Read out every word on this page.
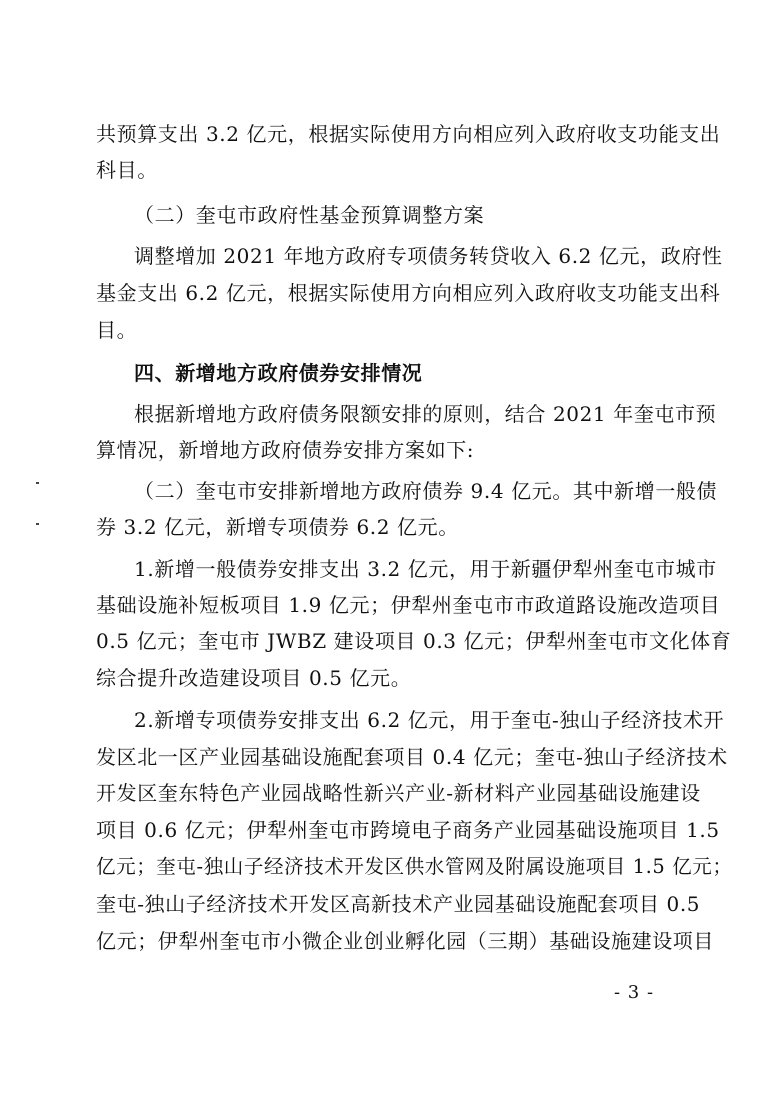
共预算支出 3.2 亿元，根据实际使用方向相应列入政府收支功能支出
科目。
（二）奎屯市政府性基金预算调整方案
调整增加 2021 年地方政府专项债务转贷收入 6.2 亿元，政府性
基金支出 6.2 亿元，根据实际使用方向相应列入政府收支功能支出科
目。
四、新增地方政府债券安排情况
根据新增地方政府债务限额安排的原则，结合 2021 年奎屯市预
算情况，新增地方政府债券安排方案如下:
（二）奎屯市安排新增地方政府债券 9.4 亿元。其中新增一般债
券 3.2 亿元，新增专项债券 6.2 亿元。
1.新增一般债券安排支出 3.2 亿元，用于新疆伊犁州奎屯市城市
基础设施补短板项目 1.9 亿元；伊犁州奎屯市市政道路设施改造项目
0.5 亿元；奎屯市 JWBZ 建设项目 0.3 亿元；伊犁州奎屯市文化体育
综合提升改造建设项目 0.5 亿元。
2.新增专项债券安排支出 6.2 亿元，用于奎屯-独山子经济技术开
发区北一区产业园基础设施配套项目 0.4 亿元；奎屯-独山子经济技术
开发区奎东特色产业园战略性新兴产业-新材料产业园基础设施建设
项目 0.6 亿元；伊犁州奎屯市跨境电子商务产业园基础设施项目 1.5
亿元；奎屯-独山子经济技术开发区供水管网及附属设施项目 1.5 亿元；
奎屯-独山子经济技术开发区高新技术产业园基础设施配套项目 0.5
亿元；伊犁州奎屯市小微企业创业孵化园（三期）基础设施建设项目
- 3 -
